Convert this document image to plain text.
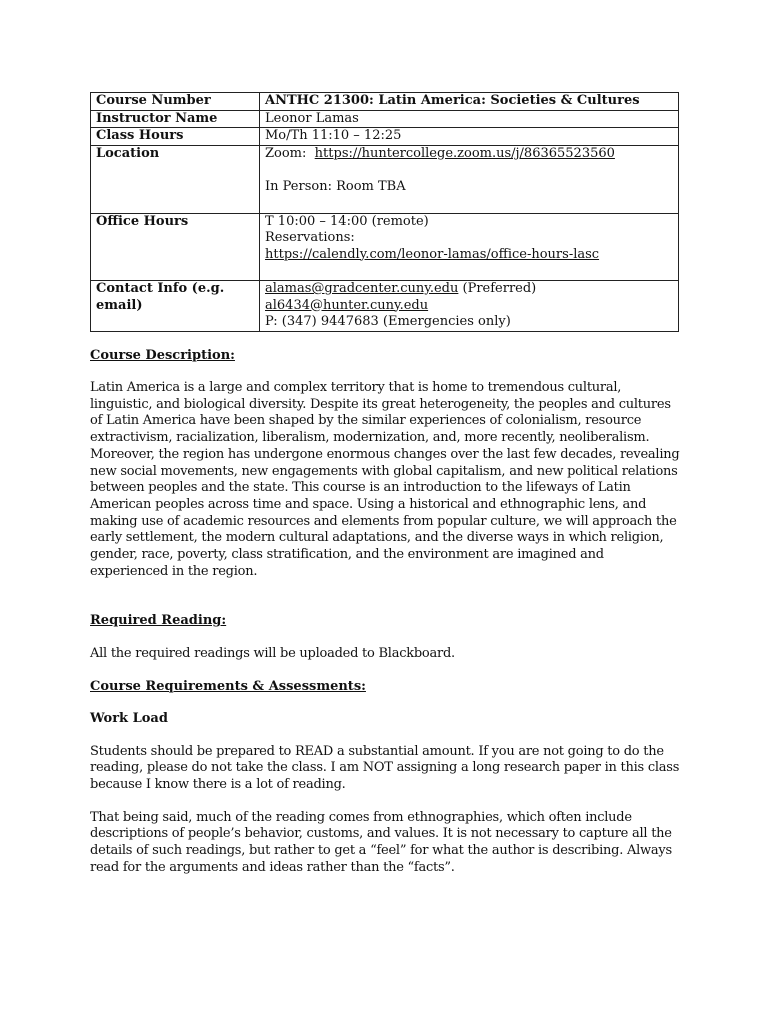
Course Number	ANTHC 21300: Latin America: Societies & Cultures
Instructor Name	Leonor Lamas
Class Hours	Mo/Th 11:10 – 12:25
Location	Zoom:  https://huntercollege.zoom.us/j/86365523560
In Person: Room TBA

Office Hours	T 10:00 – 14:00 (remote)
Reservations:
https://calendly.com/leonor-lamas/office-hours-lasc

Contact Info (e.g. email)	alamas@gradcenter.cuny.edu (Preferred)
al6434@hunter.cuny.edu
P: (347) 9447683 (Emergencies only)
Course Description:

Latin America is a large and complex territory that is home to tremendous cultural, linguistic, and biological diversity. Despite its great heterogeneity, the peoples and cultures of Latin America have been shaped by the similar experiences of colonialism, resource extractivism, racialization, liberalism, modernization, and, more recently, neoliberalism. Moreover, the region has undergone enormous changes over the last few decades, revealing new social movements, new engagements with global capitalism, and new political relations between peoples and the state. This course is an introduction to the lifeways of Latin American peoples across time and space. Using a historical and ethnographic lens, and making use of academic resources and elements from popular culture, we will approach the early settlement, the modern cultural adaptations, and the diverse ways in which religion, gender, race, poverty, class stratification, and the environment are imagined and experienced in the region.

Required Reading:

All the required readings will be uploaded to Blackboard.

Course Requirements & Assessments:
Work Load

Students should be prepared to READ a substantial amount. If you are not going to do the reading, please do not take the class. I am NOT assigning a long research paper in this class because I know there is a lot of reading.

That being said, much of the reading comes from ethnographies, which often include descriptions of people’s behavior, customs, and values. It is not necessary to capture all the details of such readings, but rather to get a “feel” for what the author is describing. Always read for the arguments and ideas rather than the “facts”.
